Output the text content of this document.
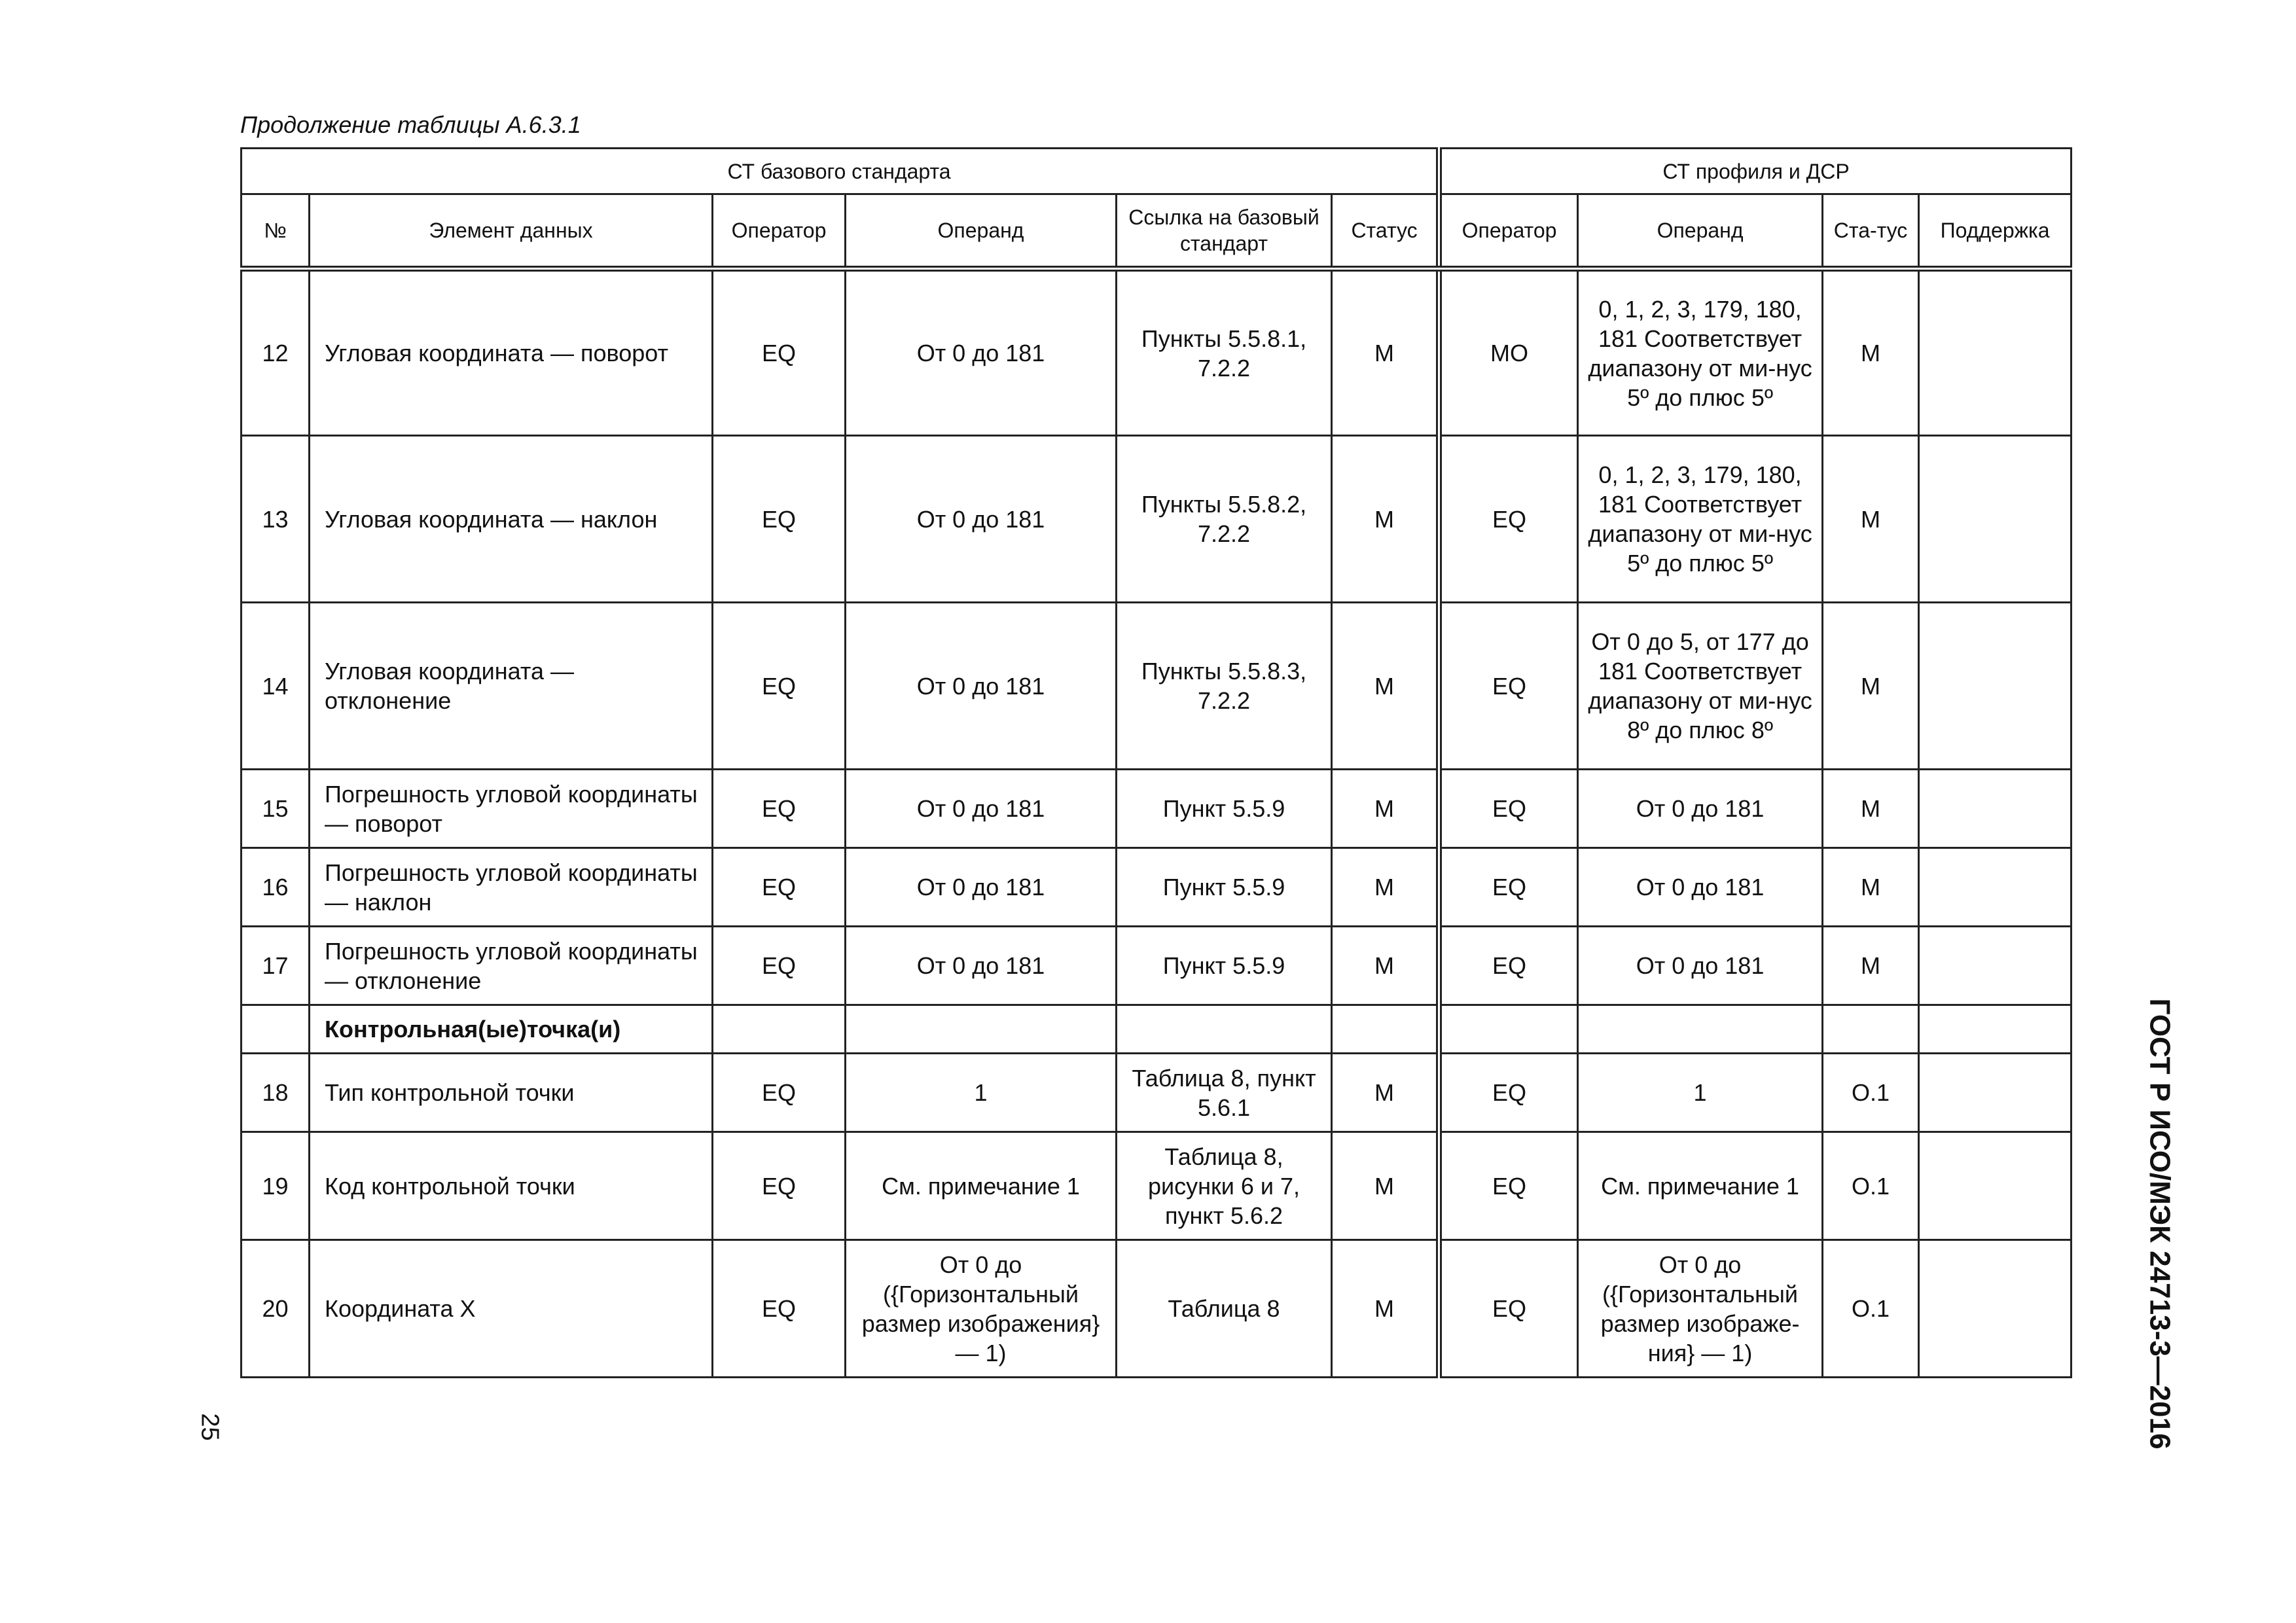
Продолжение таблицы А.6.3.1
СТ базового стандарта						СТ профиля и ДСР			
№	Элемент данных	Оператор	Операнд	Ссылка на базовый стандарт	Статус	Оператор	Операнд	Ста-тус	Поддержка
12	Угловая координата — поворот	EQ	От 0 до 181	Пункты 5.5.8.1, 7.2.2	M	MO	0, 1, 2, 3, 179, 180, 181 Соответствует диапазону от ми-нус 5º до плюс 5º	M	
13	Угловая координата — наклон	EQ	От 0 до 181	Пункты 5.5.8.2, 7.2.2	M	EQ	0, 1, 2, 3, 179, 180, 181 Соответствует диапазону от ми-нус 5º до плюс 5º	M	
14	Угловая координата — отклонение	EQ	От 0 до 181	Пункты 5.5.8.3, 7.2.2	M	EQ	От 0 до 5, от 177 до 181 Соответствует диапазону от ми-нус 8º до плюс 8º	M	
15	Погрешность угловой координаты — поворот	EQ	От 0 до 181	Пункт 5.5.9	M	EQ	От 0 до 181	M	
16	Погрешность угловой координаты — наклон	EQ	От 0 до 181	Пункт 5.5.9	M	EQ	От 0 до 181	M	
17	Погрешность угловой координаты — отклонение	EQ	От 0 до 181	Пункт 5.5.9	M	EQ	От 0 до 181	M	
	Контрольная(ые)точка(и)								
18	Тип контрольной точки	EQ	1	Таблица 8, пункт 5.6.1	M	EQ	1	O.1	
19	Код контрольной точки	EQ	См. примечание 1	Таблица 8, рисунки 6 и 7, пункт 5.6.2	M	EQ	См. примечание 1	O.1	
20	Координата X	EQ	От 0 до ({Горизонтальный размер изображения} — 1)	Таблица 8	M	EQ	От 0 до ({Горизонтальный размер изображе-ния} — 1)	O.1		ГОСТ Р ИСО/МЭК 24713-3—2016
25
